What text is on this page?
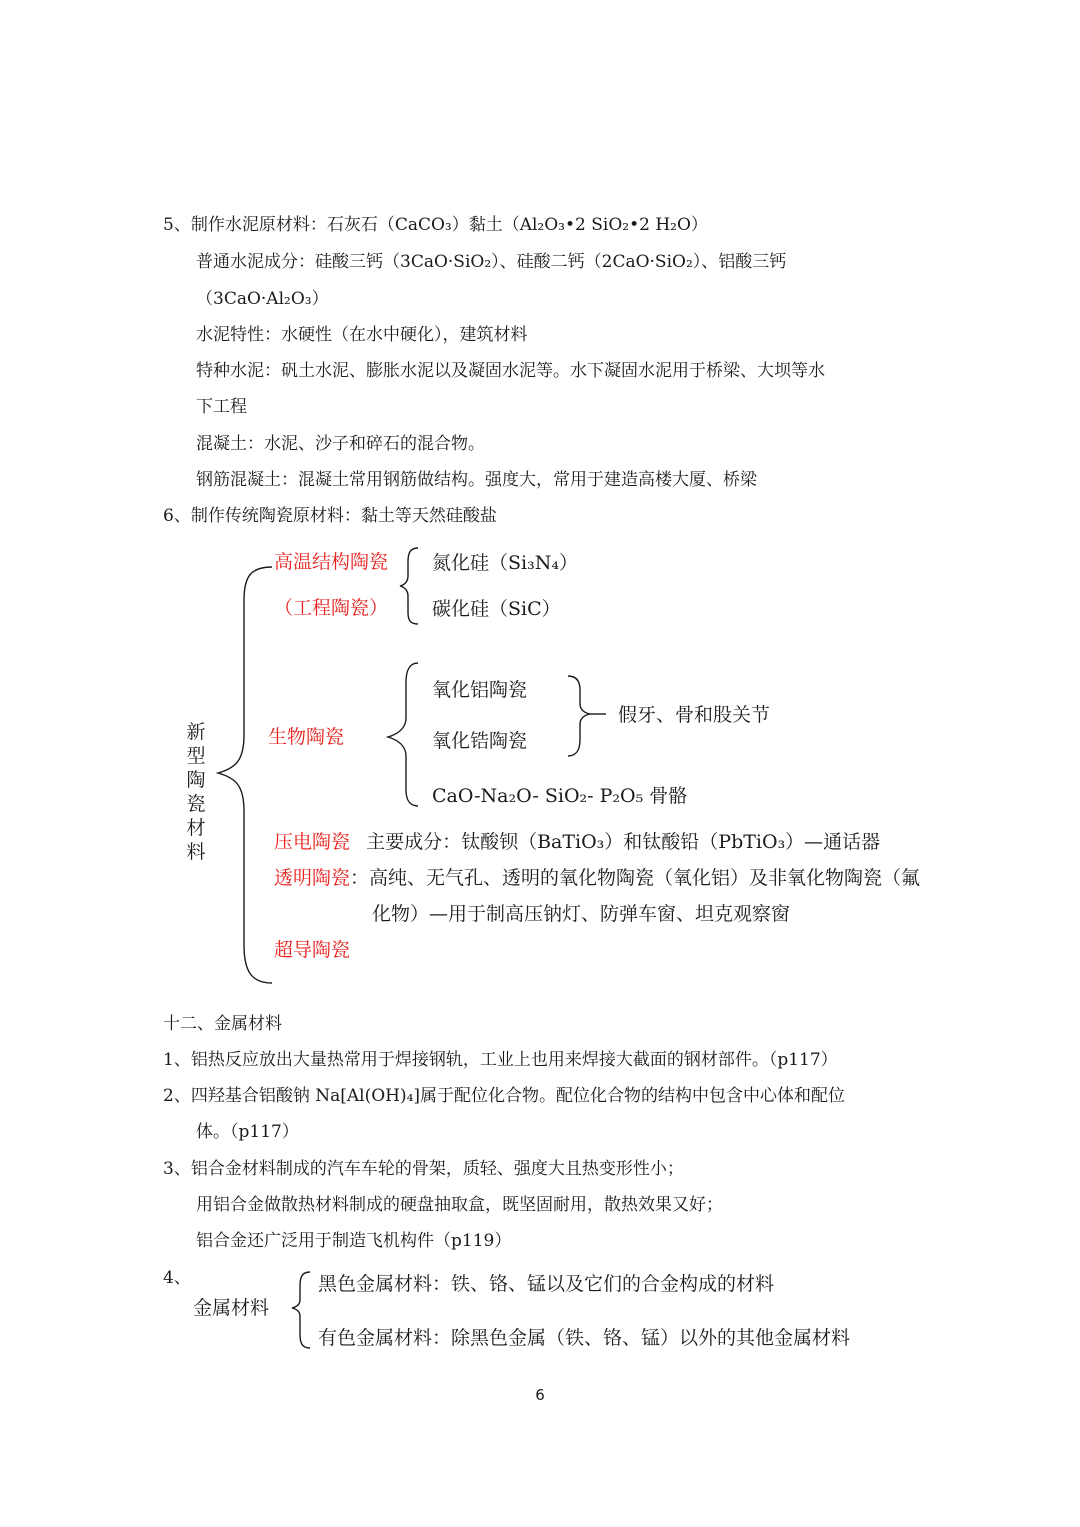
5、制作水泥原材料：石灰石（CaCO₃）黏土（Al₂O₃•2 SiO₂•2 H₂O）
普通水泥成分：硅酸三钙（3CaO·SiO₂）、硅酸二钙（2CaO·SiO₂）、铝酸三钙
（3CaO·Al₂O₃）
水泥特性：水硬性（在水中硬化），建筑材料
特种水泥：矾土水泥、膨胀水泥以及凝固水泥等。水下凝固水泥用于桥梁、大坝等水
下工程
混凝土：水泥、沙子和碎石的混合物。
钢筋混凝土：混凝土常用钢筋做结构。强度大，常用于建造高楼大厦、桥梁
6、制作传统陶瓷原材料：黏土等天然硅酸盐
新
型
陶
瓷
材
料
高温结构陶瓷
（工程陶瓷）
氮化硅（Si₃N₄）
碳化硅（SiC）
生物陶瓷
氧化铝陶瓷
氧化锆陶瓷
假牙、骨和股关节
CaO-Na₂O- SiO₂- P₂O₅ 骨骼
压电陶瓷 主要成分：钛酸钡（BaTiO₃）和钛酸铅（PbTiO₃）—通话器
透明陶瓷：高纯、无气孔、透明的氧化物陶瓷（氧化铝）及非氧化物陶瓷（氟
化物）—用于制高压钠灯、防弹车窗、坦克观察窗
超导陶瓷
十二、金属材料
1、铝热反应放出大量热常用于焊接钢轨，工业上也用来焊接大截面的钢材部件。（p117）
2、四羟基合铝酸钠 Na[Al(OH)₄]属于配位化合物。配位化合物的结构中包含中心体和配位
体。（p117）
3、铝合金材料制成的汽车车轮的骨架，质轻、强度大且热变形性小；
用铝合金做散热材料制成的硬盘抽取盒，既坚固耐用，散热效果又好；
铝合金还广泛用于制造飞机构件（p119）
4、
金属材料
黑色金属材料：铁、铬、锰以及它们的合金构成的材料
有色金属材料：除黑色金属（铁、铬、锰）以外的其他金属材料
6
